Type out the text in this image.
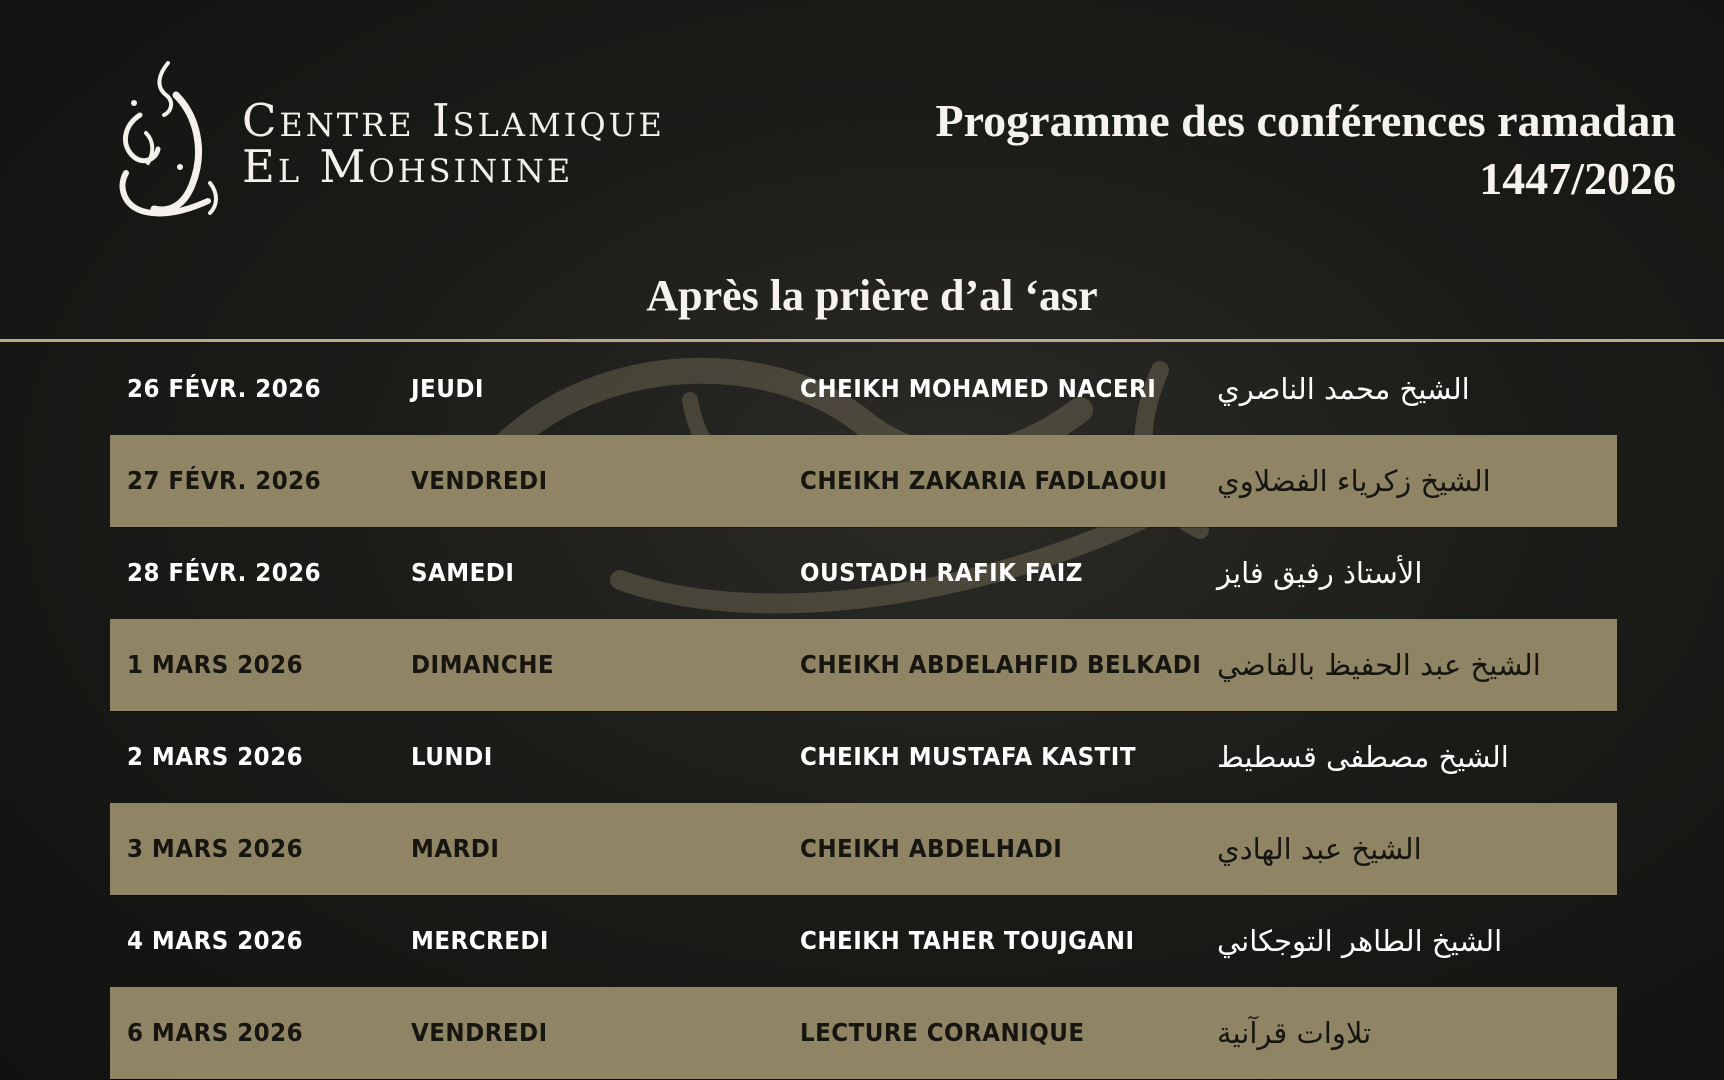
Centre Islamique
El Mohsinine
Programme des conférences ramadan
1447/2026
Après la prière d’al ‘asr
26 FÉVR. 2026	JEUDI	CHEIKH MOHAMED NACERI الشيخ محمد الناصري
27 FÉVR. 2026	VENDREDI	CHEIKH ZAKARIA FADLAOUI الشيخ زكرياء الفضلاوي
28 FÉVR. 2026	SAMEDI	OUSTADH RAFIK FAIZ	الأستاذ رفيق فايز
1 MARS 2026	DIMANCHE	CHEIKH ABDELAHFID BELKADI الشيخ عبد الحفيظ بالقاضي
2 MARS 2026	LUNDI	CHEIKH MUSTAFA KASTIT	الشيخ مصطفى قسطيط
3 MARS 2026	MARDI	CHEIKH ABDELHADI	الشيخ عبد الهادي
4 MARS 2026	MERCREDI	CHEIKH TAHER TOUJGANI	الشيخ الطاهر التوجكاني
6 MARS 2026	VENDREDI	LECTURE CORANIQUE	تلاوات قرآنية
